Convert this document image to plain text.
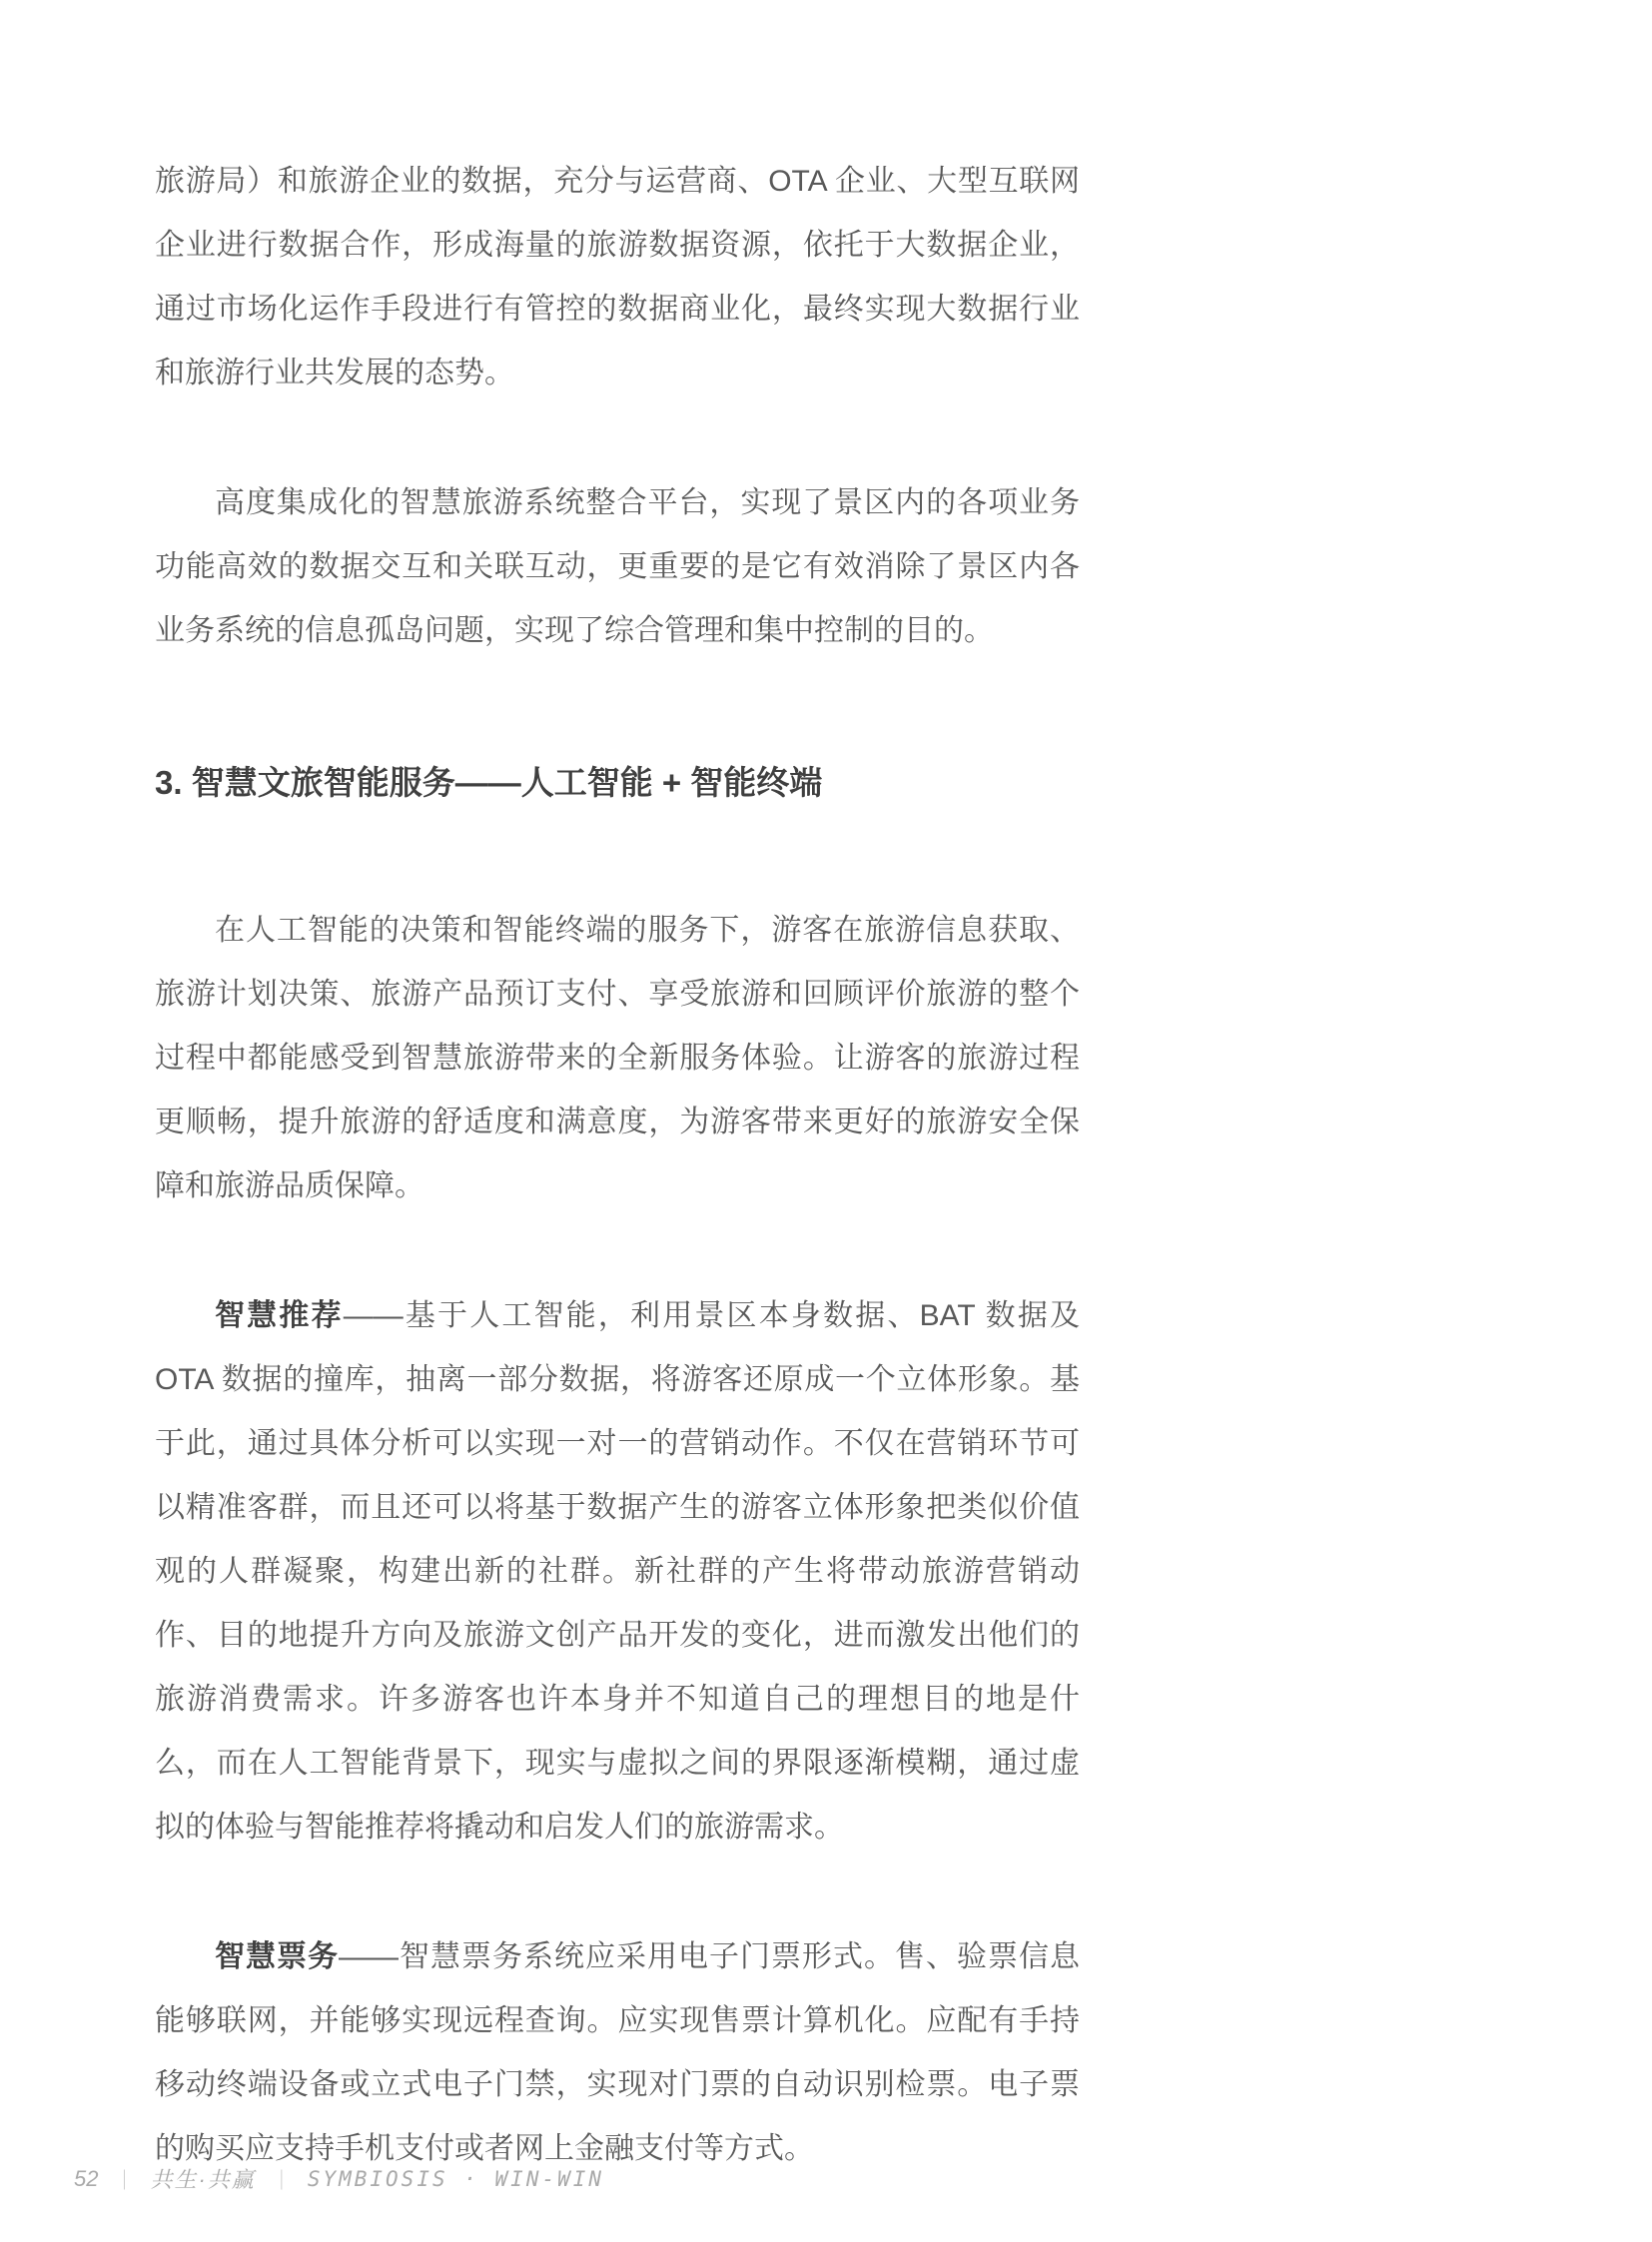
旅游局）和旅游企业的数据，充分与运营商、OTA 企业、大型互联网企业进行数据合作，形成海量的旅游数据资源，依托于大数据企业，通过市场化运作手段进行有管控的数据商业化，最终实现大数据行业和旅游行业共发展的态势。

高度集成化的智慧旅游系统整合平台，实现了景区内的各项业务功能高效的数据交互和关联互动，更重要的是它有效消除了景区内各业务系统的信息孤岛问题，实现了综合管理和集中控制的目的。

3. 智慧文旅智能服务——人工智能 + 智能终端

在人工智能的决策和智能终端的服务下，游客在旅游信息获取、旅游计划决策、旅游产品预订支付、享受旅游和回顾评价旅游的整个过程中都能感受到智慧旅游带来的全新服务体验。让游客的旅游过程更顺畅，提升旅游的舒适度和满意度，为游客带来更好的旅游安全保障和旅游品质保障。

智慧推荐——基于人工智能，利用景区本身数据、BAT 数据及 OTA 数据的撞库，抽离一部分数据，将游客还原成一个立体形象。基于此，通过具体分析可以实现一对一的营销动作。不仅在营销环节可以精准客群，而且还可以将基于数据产生的游客立体形象把类似价值观的人群凝聚，构建出新的社群。新社群的产生将带动旅游营销动作、目的地提升方向及旅游文创产品开发的变化，进而激发出他们的旅游消费需求。许多游客也许本身并不知道自己的理想目的地是什么，而在人工智能背景下，现实与虚拟之间的界限逐渐模糊，通过虚拟的体验与智能推荐将撬动和启发人们的旅游需求。

智慧票务——智慧票务系统应采用电子门票形式。售、验票信息能够联网，并能够实现远程查询。应实现售票计算机化。应配有手持移动终端设备或立式电子门禁，实现对门票的自动识别检票。电子票的购买应支持手机支付或者网上金融支付等方式。

52 ｜ 共生·共赢 ｜ SYMBIOSIS · WIN-WIN
